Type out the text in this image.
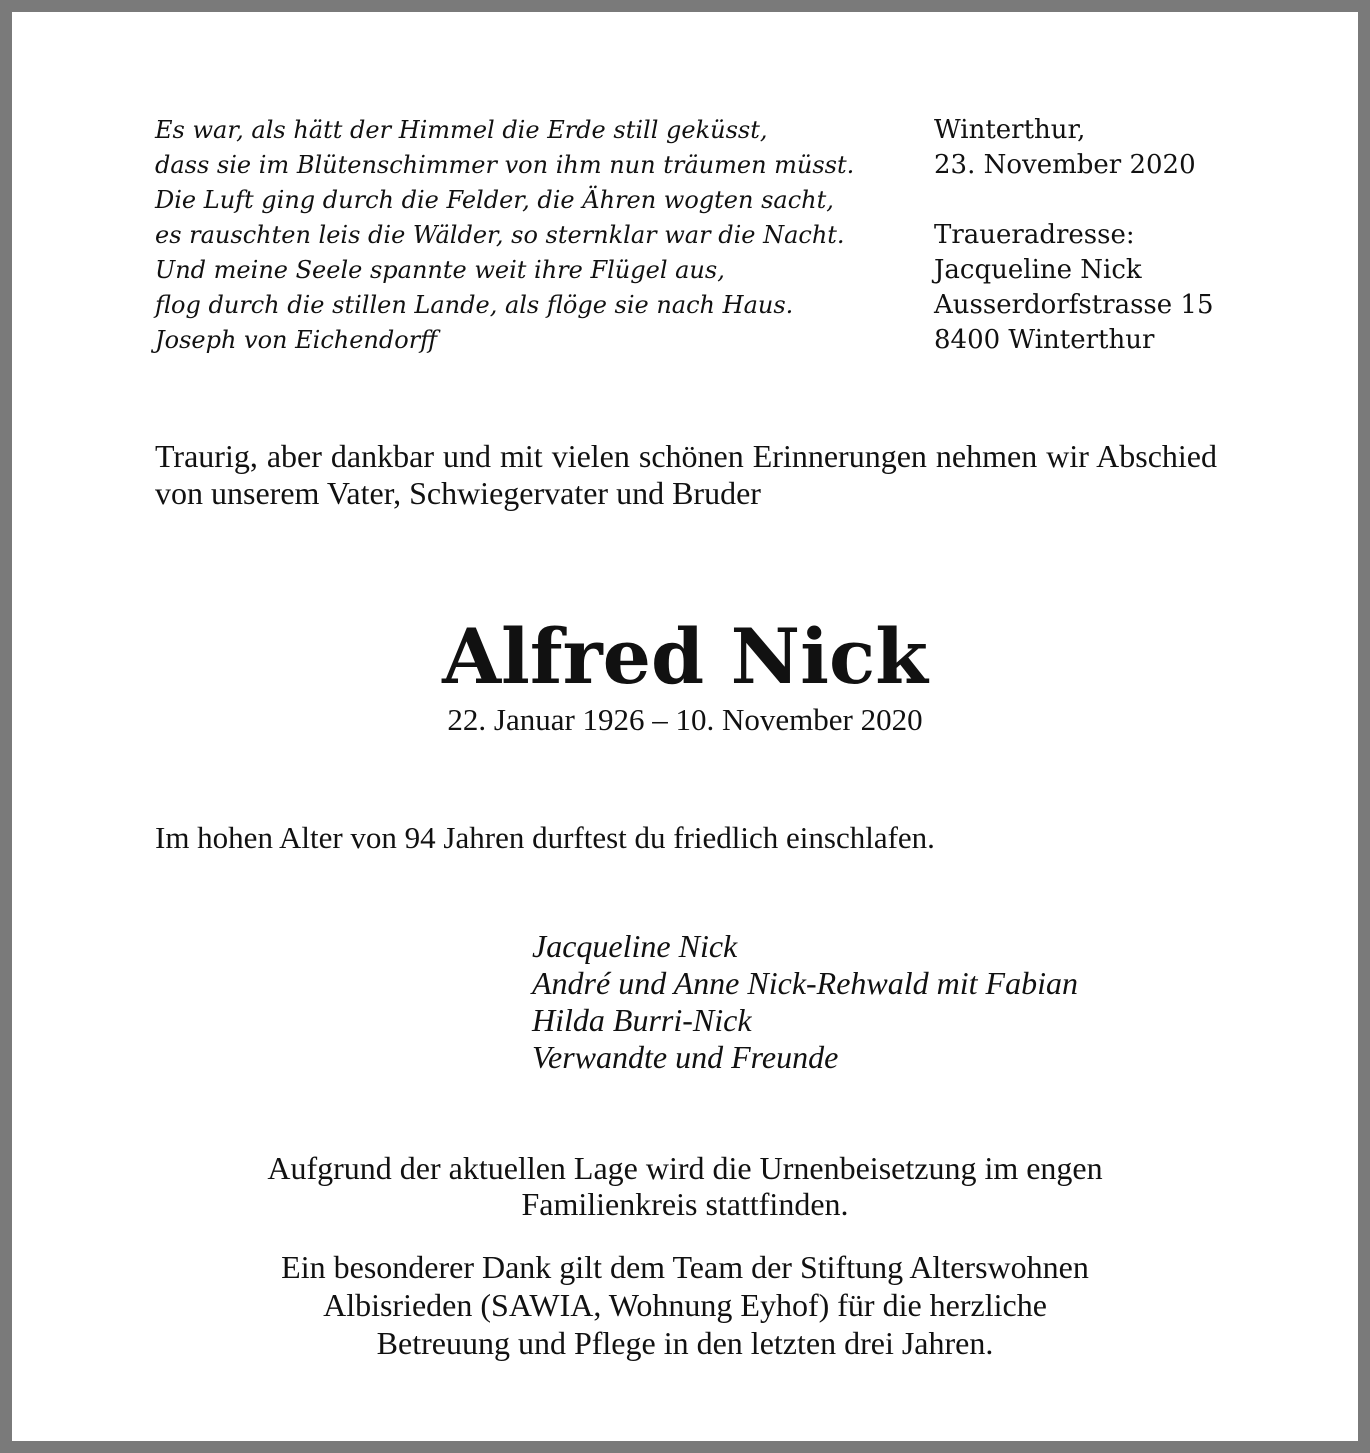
Es war, als hätt der Himmel die Erde still geküsst,
dass sie im Blütenschimmer von ihm nun träumen müsst.
Die Luft ging durch die Felder, die Ähren wogten sacht,
es rauschten leis die Wälder, so sternklar war die Nacht.
Und meine Seele spannte weit ihre Flügel aus,
flog durch die stillen Lande, als flöge sie nach Haus.
Joseph von Eichendorff
Winterthur,
23. November 2020
Traueradresse:
Jacqueline Nick
Ausserdorfstrasse 15
8400 Winterthur
Traurig, aber dankbar und mit vielen schönen Erinnerungen nehmen wir Abschied von unserem Vater, Schwiegervater und Bruder
Alfred Nick
22. Januar 1926 – 10. November 2020
Im hohen Alter von 94 Jahren durftest du friedlich einschlafen.
Jacqueline Nick
André und Anne Nick-Rehwald mit Fabian
Hilda Burri-Nick
Verwandte und Freunde
Aufgrund der aktuellen Lage wird die Urnenbeisetzung im engen
Familienkreis stattfinden.
Ein besonderer Dank gilt dem Team der Stiftung Alterswohnen
Albisrieden (SAWIA, Wohnung Eyhof) für die herzliche
Betreuung und Pflege in den letzten drei Jahren.
